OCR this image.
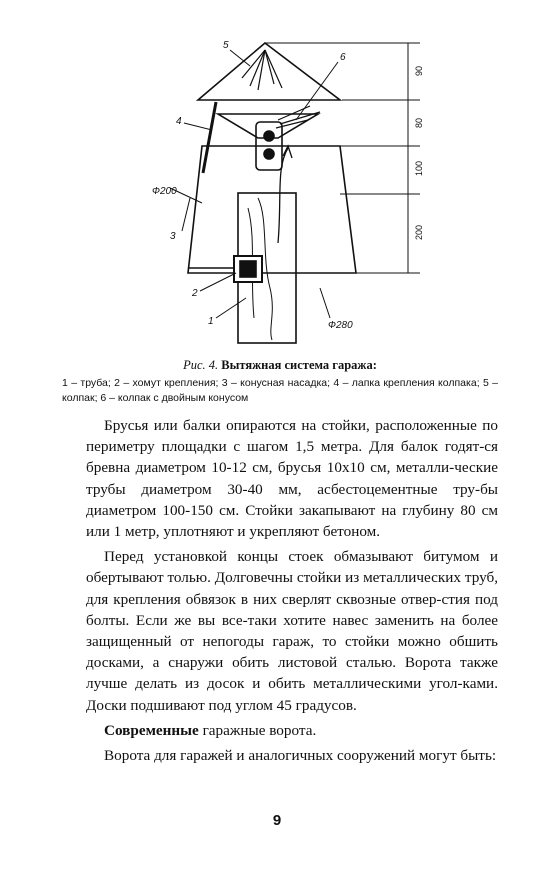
5
6
4
Ф200
3
2
1	Ф280
90
80
100
200
Рис. 4. Вытяжная система гаража:
1 – труба; 2 – хомут крепления; 3 – конусная насадка; 4 – лапка крепления колпака; 5 – колпак; 6 – колпак с двойным конусом

Брусья или балки опираются на стойки, расположенные по периметру площадки с шагом 1,5 метра. Для балок годят-ся бревна диаметром 10-12 см, брусья 10х10 см, металли-ческие трубы диаметром 30-40 мм, асбестоцементные тру-бы диаметром 100-150 см. Стойки закапывают на глубину 80 см или 1 метр, уплотняют и укрепляют бетоном.

Перед установкой концы стоек обмазывают битумом и обертывают толью. Долговечны стойки из металлических труб, для крепления обвязок в них сверлят сквозные отвер-стия под болты. Если же вы все-таки хотите навес заменить на более защищенный от непогоды гараж, то стойки можно обшить досками, а снаружи обить листовой сталью. Ворота также лучше делать из досок и обить металлическими угол-ками. Доски подшивают под углом 45 градусов.

Современные гаражные ворота.

Ворота для гаражей и аналогичных сооружений могут быть:

9
